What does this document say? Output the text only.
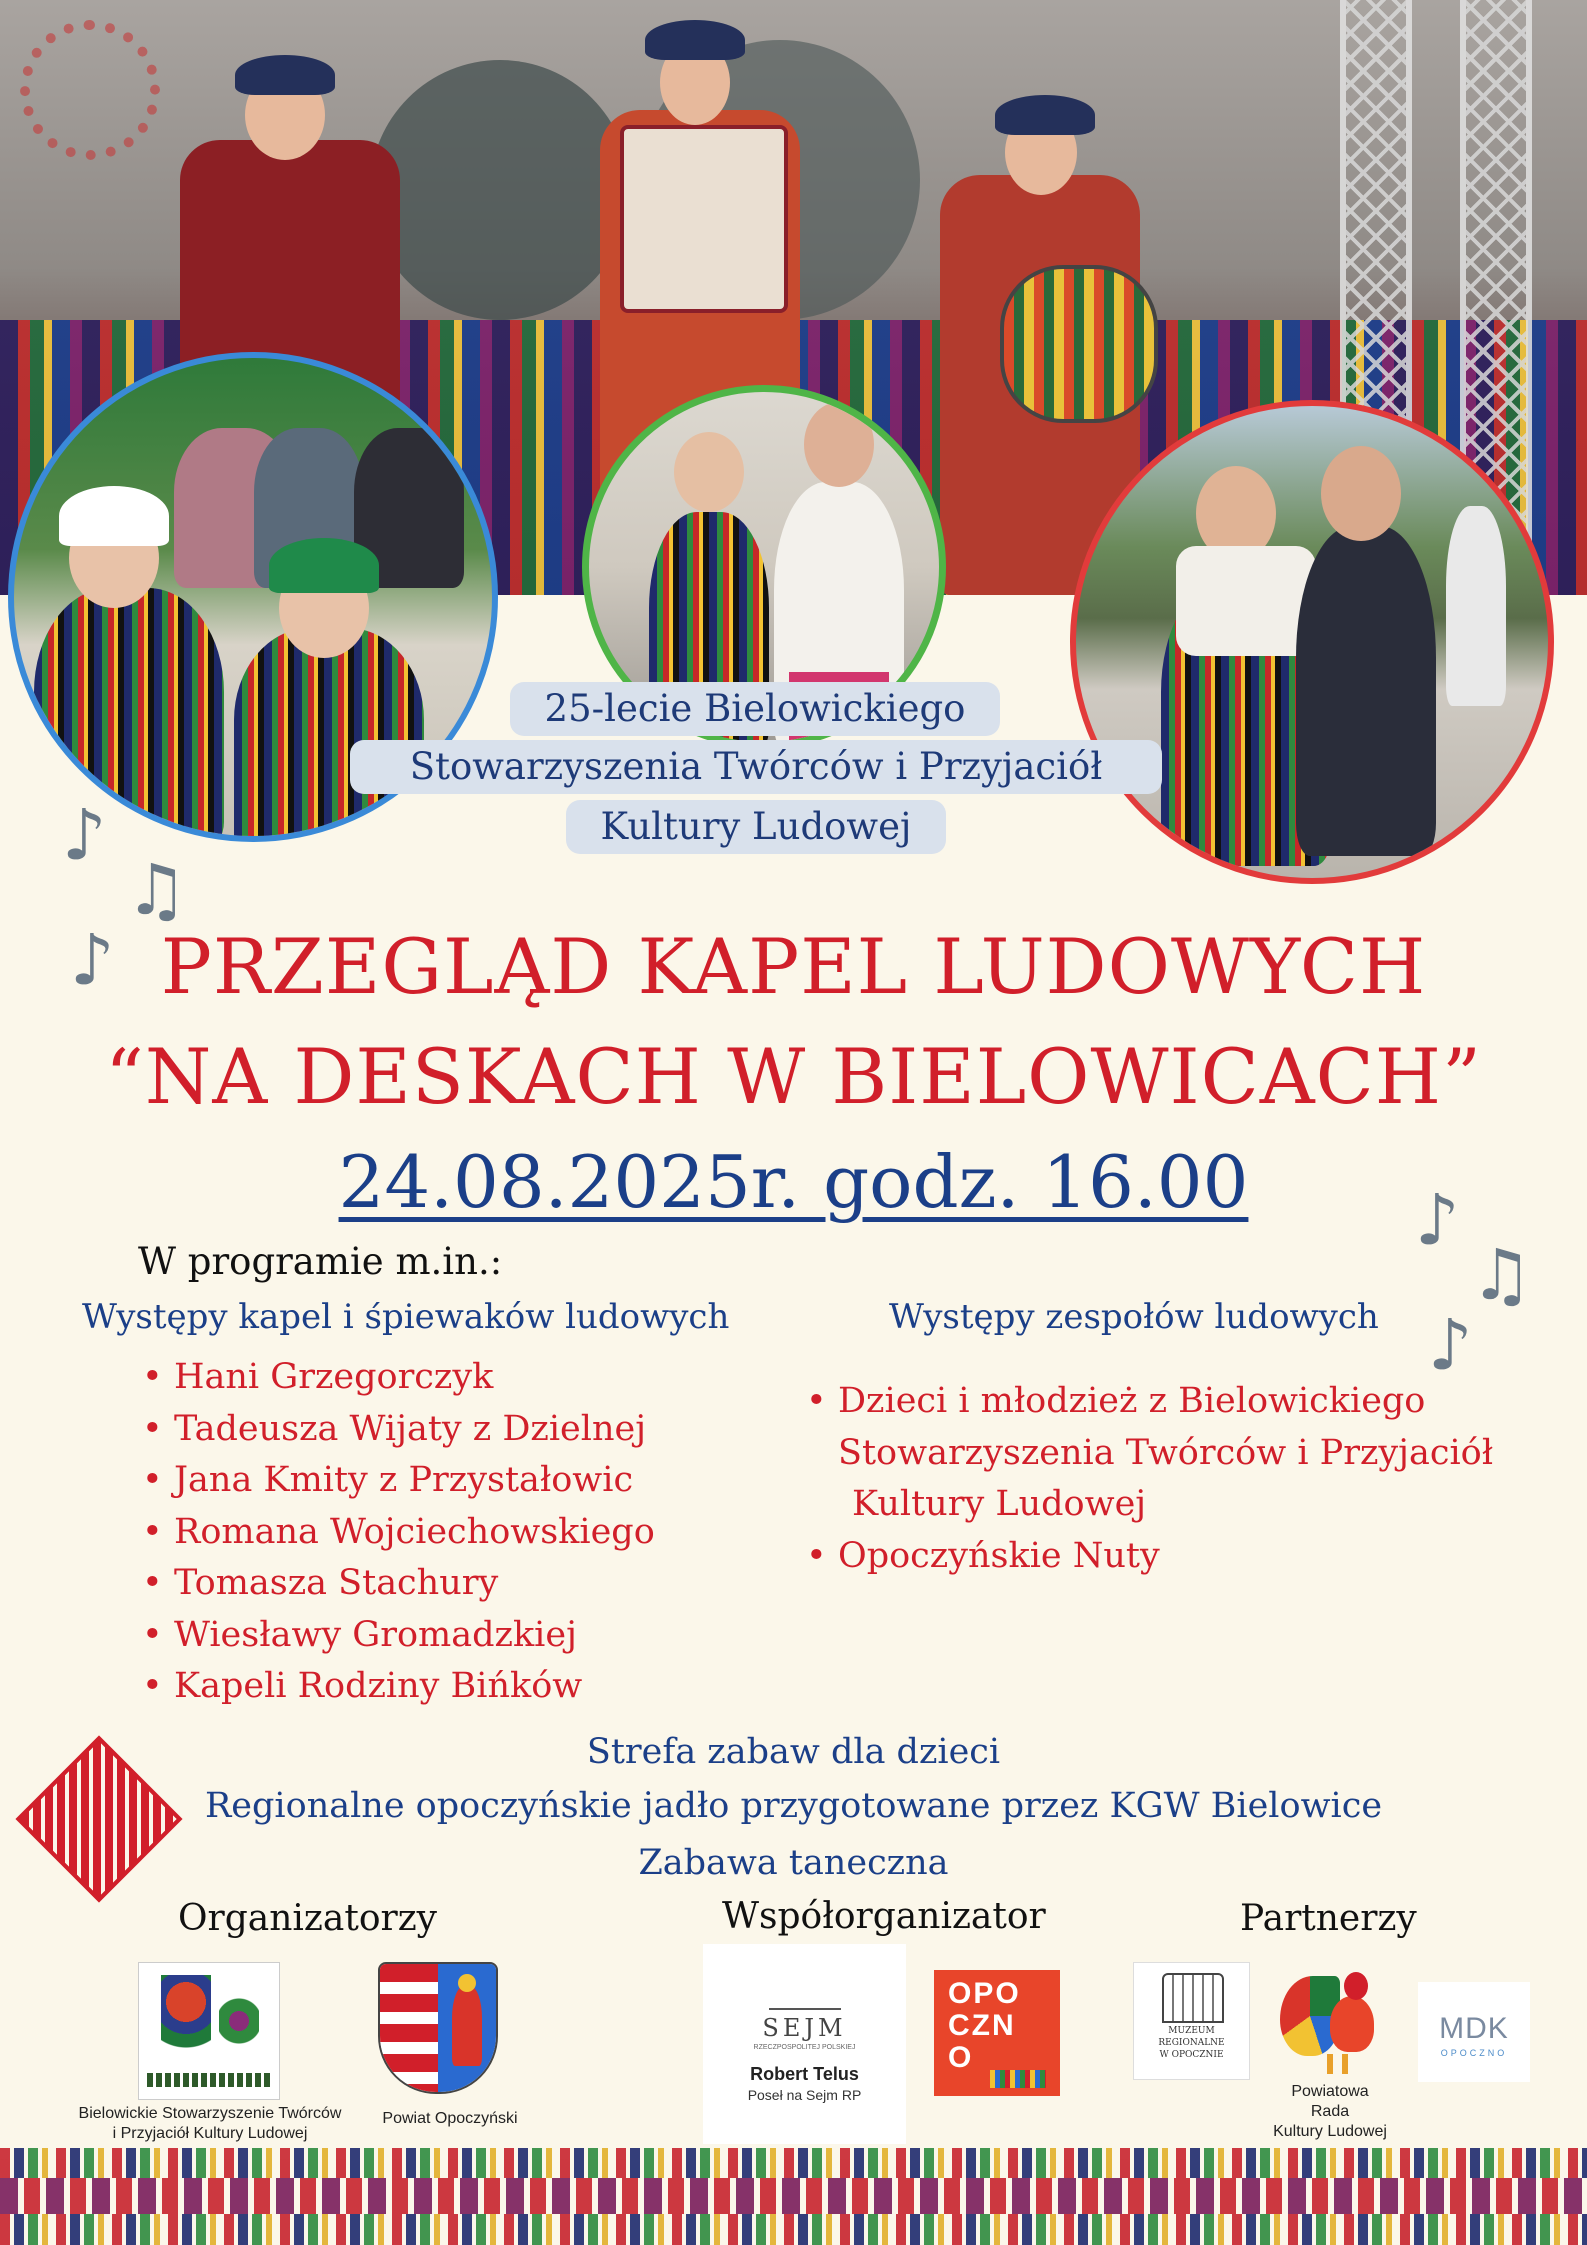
25-lecie Bielowickiego
Stowarzyszenia Twórców i Przyjaciół
Kultury Ludowej
♪
♫
♪
♪
♫
♪
PRZEGLĄD KAPEL LUDOWYCH
“NA DESKACH W BIELOWICACH”
24.08.2025r. godz. 16.00
W programie m.in.:
Występy kapel i śpiewaków ludowych	Występy zespołów ludowych
• Hani Grzegorczyk
• Tadeusza Wijaty z Dzielnej
• Jana Kmity z Przystałowic
• Romana Wojciechowskiego
• Tomasza Stachury
• Wiesławy Gromadzkiej
• Kapeli Rodziny Bińków
• Dzieci i młodzież z Bielowickiego
Stowarzyszenia Twórców i Przyjaciół
Kultury Ludowej
• Opoczyńskie Nuty
Strefa zabaw dla dzieci
Regionalne opoczyńskie jadło przygotowane przez KGW Bielowice
Zabawa taneczna
Organizatorzy	Współorganizator	Partnerzy
Bielowickie Stowarzyszenie Twórców
i Przyjaciół Kultury Ludowej
Powiat Opoczyński
SEJM
RZECZPOSPOLITEJ POLSKIEJ
Robert Telus
Poseł na Sejm RP
OPO
CZN
O
MUZEUM
REGIONALNE
W OPOCZNIE
Powiatowa
Rada
Kultury Ludowej
MDK
OPOCZNO
